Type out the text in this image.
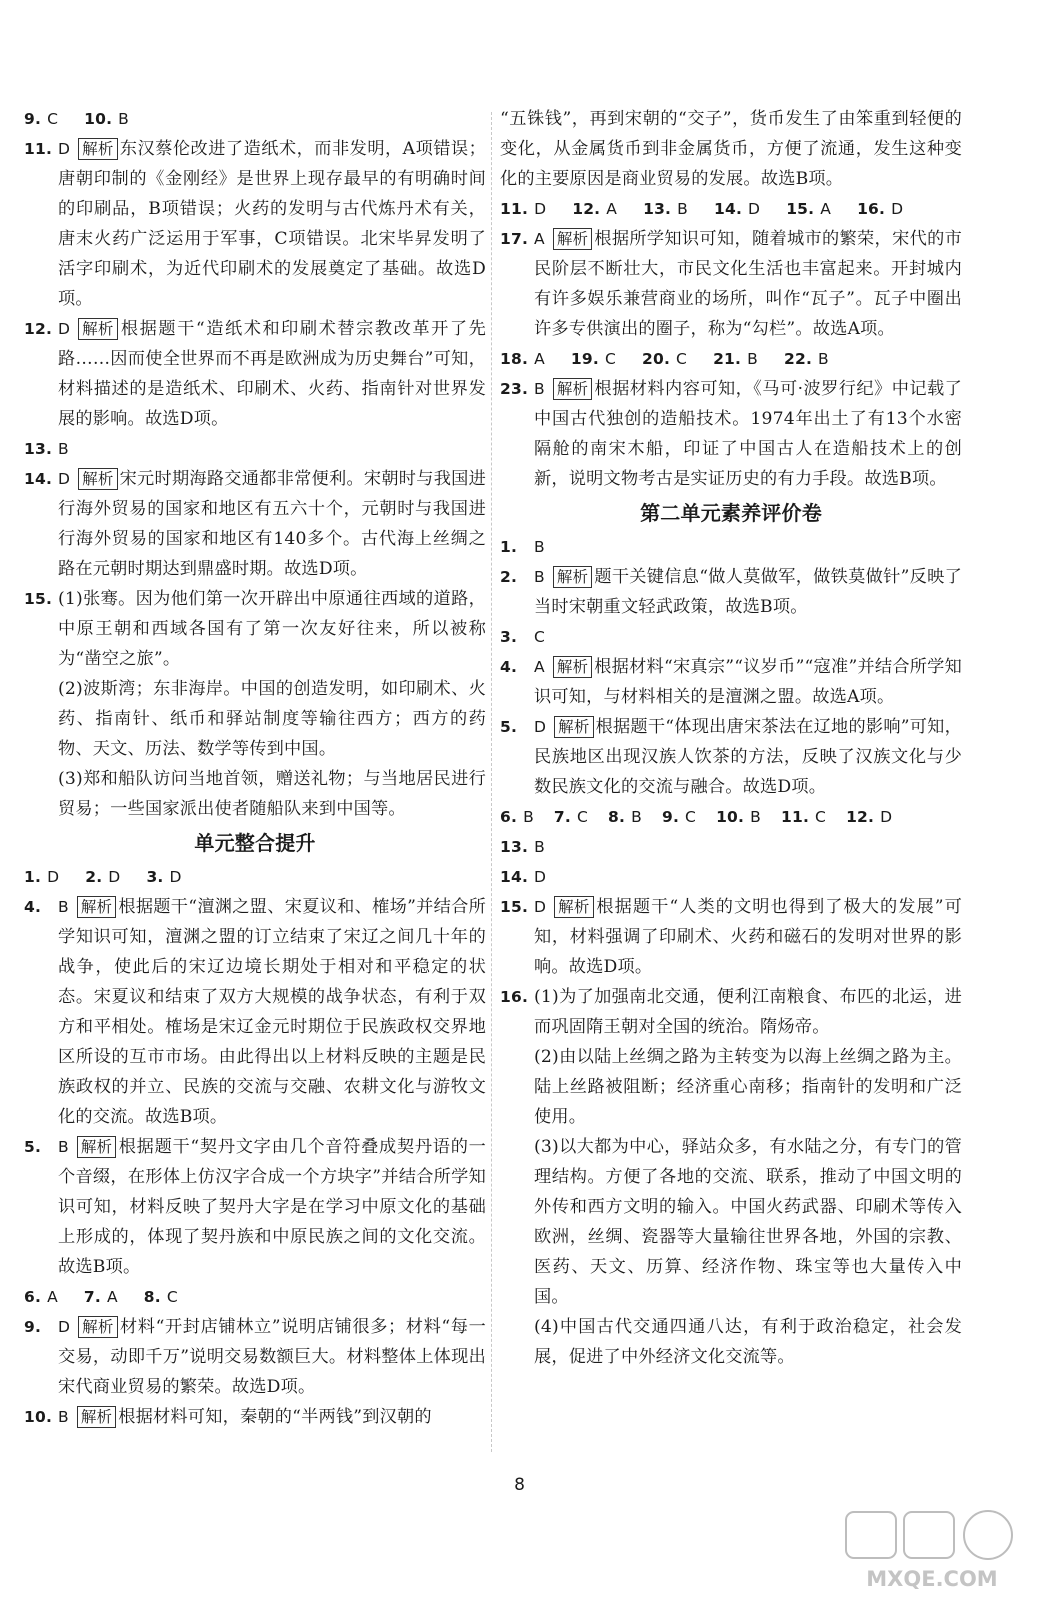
9. C	10. B
11. D 解析 东汉蔡伦改进了造纸术，而非发明，A项错误；唐朝印制的《金刚经》是世界上现存最早的有明确时间的印刷品，B项错误；火药的发明与古代炼丹术有关，唐末火药广泛运用于军事，C项错误。北宋毕昇发明了活字印刷术，为近代印刷术的发展奠定了基础。故选D项。
12. D 解析 根据题干“造纸术和印刷术替宗教改革开了先路……因而使全世界而不再是欧洲成为历史舞台”可知，材料描述的是造纸术、印刷术、火药、指南针对世界发展的影响。故选D项。
13. B
14. D 解析 宋元时期海路交通都非常便利。宋朝时与我国进行海外贸易的国家和地区有五六十个，元朝时与我国进行海外贸易的国家和地区有140多个。古代海上丝绸之路在元朝时期达到鼎盛时期。故选D项。
15. (1)张骞。因为他们第一次开辟出中原通往西域的道路，中原王朝和西域各国有了第一次友好往来，所以被称为“凿空之旅”。
(2)波斯湾；东非海岸。中国的创造发明，如印刷术、火药、指南针、纸币和驿站制度等输往西方；西方的药物、天文、历法、数学等传到中国。
(3)郑和船队访问当地首领，赠送礼物；与当地居民进行贸易；一些国家派出使者随船队来到中国等。
单元整合提升
1. D	2. D	3. D
4. B 解析 根据题干“澶渊之盟、宋夏议和、榷场”并结合所学知识可知，澶渊之盟的订立结束了宋辽之间几十年的战争，使此后的宋辽边境长期处于相对和平稳定的状态。宋夏议和结束了双方大规模的战争状态，有利于双方和平相处。榷场是宋辽金元时期位于民族政权交界地区所设的互市市场。由此得出以上材料反映的主题是民族政权的并立、民族的交流与交融、农耕文化与游牧文化的交流。故选B项。
5. B 解析 根据题干“契丹文字由几个音符叠成契丹语的一个音缀，在形体上仿汉字合成一个方块字”并结合所学知识可知，材料反映了契丹大字是在学习中原文化的基础上形成的，体现了契丹族和中原民族之间的文化交流。故选B项。
6. A	7. A	8. C
9. D 解析 材料“开封店铺林立”说明店铺很多；材料“每一交易，动即千万”说明交易数额巨大。材料整体上体现出宋代商业贸易的繁荣。故选D项。
10. B 解析 根据材料可知，秦朝的“半两钱”到汉朝的
“五铢钱”，再到宋朝的“交子”，货币发生了由笨重到轻便的变化，从金属货币到非金属货币，方便了流通，发生这种变化的主要原因是商业贸易的发展。故选B项。
11. D	12. A	13. B	14. D	15. A	16. D
17. A 解析 根据所学知识可知，随着城市的繁荣，宋代的市民阶层不断壮大，市民文化生活也丰富起来。开封城内有许多娱乐兼营商业的场所，叫作“瓦子”。瓦子中圈出许多专供演出的圈子，称为“勾栏”。故选A项。
18. A	19. C	20. C	21. B	22. B
23. B 解析 根据材料内容可知，《马可·波罗行纪》中记载了中国古代独创的造船技术。1974年出土了有13个水密隔舱的南宋木船，印证了中国古人在造船技术上的创新，说明文物考古是实证历史的有力手段。故选B项。
第二单元素养评价卷
1. B
2. B 解析 题干关键信息“做人莫做军，做铁莫做针”反映了当时宋朝重文轻武政策，故选B项。
3. C
4. A 解析 根据材料“宋真宗”“议岁币”“寇准”并结合所学知识可知，与材料相关的是澶渊之盟。故选A项。
5. D 解析 根据题干“体现出唐宋茶法在辽地的影响”可知，民族地区出现汉族人饮茶的方法，反映了汉族文化与少数民族文化的交流与融合。故选D项。
6. B	7. C	8. B	9. C	10. B	11. C	12. D
13. B
14. D
15. D 解析 根据题干“人类的文明也得到了极大的发展”可知，材料强调了印刷术、火药和磁石的发明对世界的影响。故选D项。
16. (1)为了加强南北交通，便利江南粮食、布匹的北运，进而巩固隋王朝对全国的统治。隋炀帝。
(2)由以陆上丝绸之路为主转变为以海上丝绸之路为主。陆上丝路被阻断；经济重心南移；指南针的发明和广泛使用。
(3)以大都为中心，驿站众多，有水陆之分，有专门的管理结构。方便了各地的交流、联系，推动了中国文明的外传和西方文明的输入。中国火药武器、印刷术等传入欧洲，丝绸、瓷器等大量输往世界各地，外国的宗教、医药、天文、历算、经济作物、珠宝等也大量传入中国。
(4)中国古代交通四通八达，有利于政治稳定，社会发展，促进了中外经济文化交流等。
8
MXQE.COM
